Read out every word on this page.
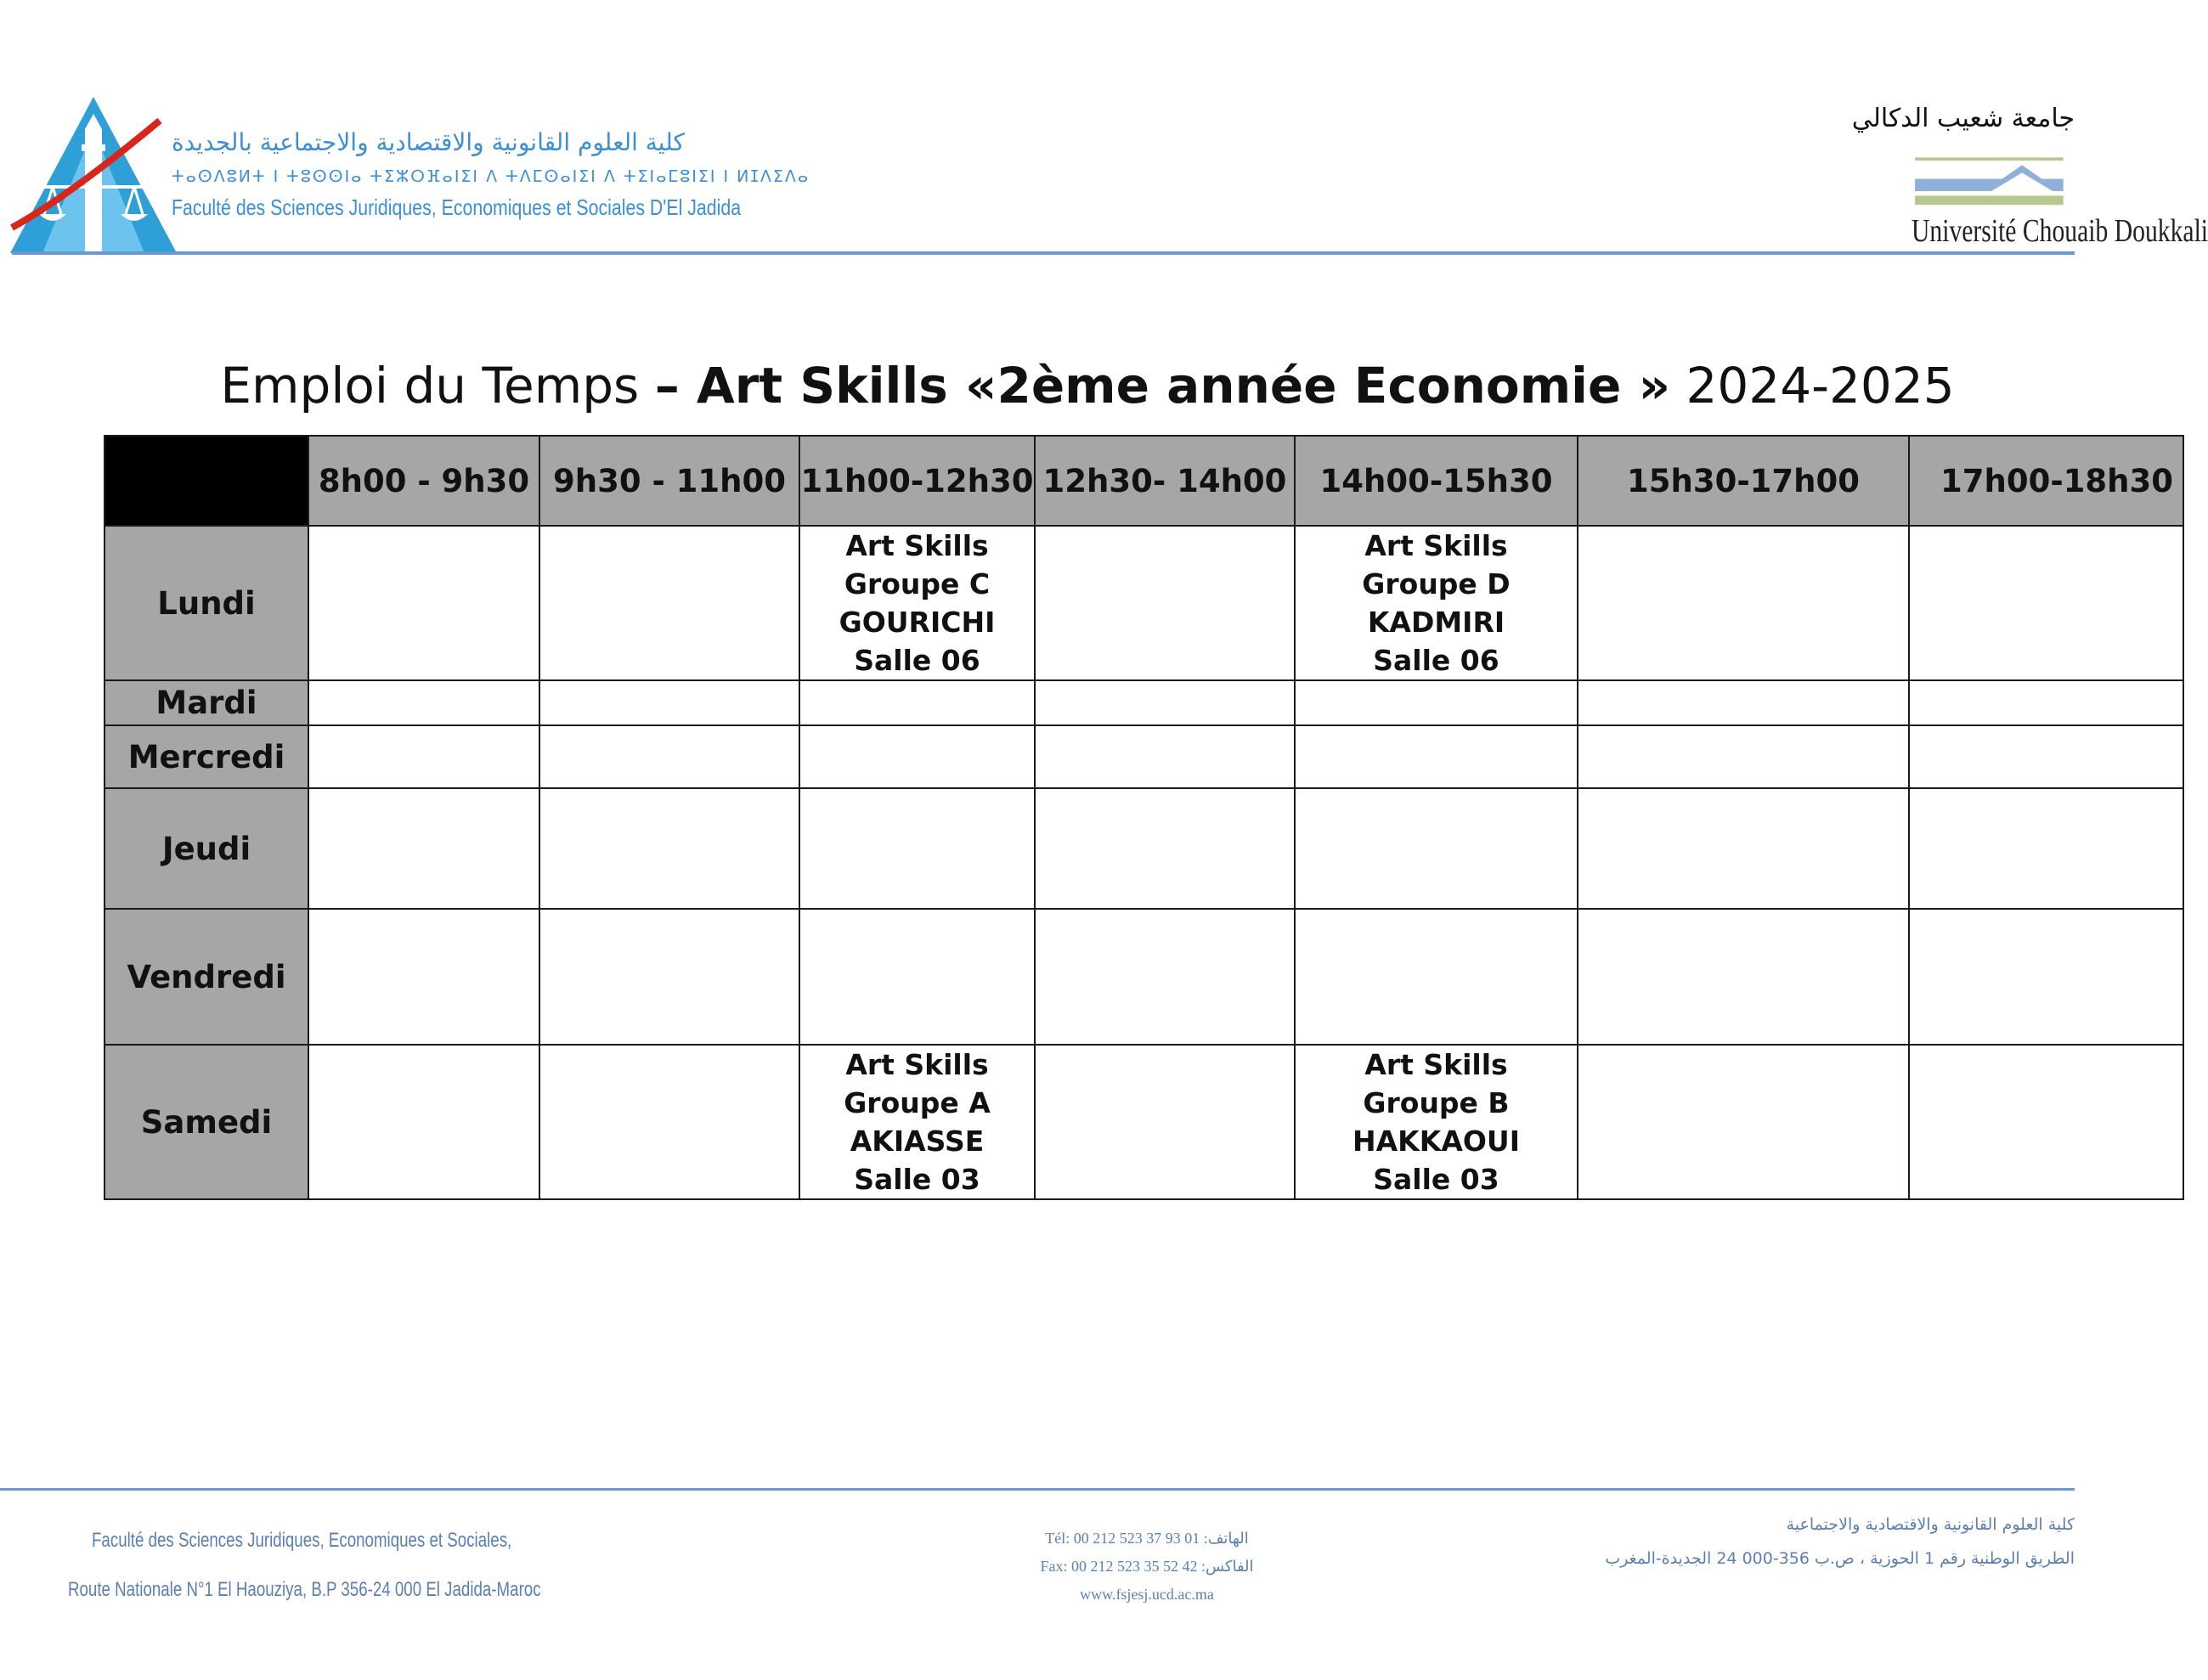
كلية العلوم القانونية والاقتصادية والاجتماعية بالجديدة
ⵜⴰⵙⴷⵓⵍⵜ ⵏ ⵜⵓⵙⵙⵏⴰ ⵜⵉⵣⵔⴼⴰⵏⵉⵏ ⴷ ⵜⴷⵎⵙⴰⵏⵉⵏ ⴷ ⵜⵉⵏⴰⵎⵓⵏⵉⵏ ⵏ ⵍⵊⴷⵉⴷⴰ
Faculté des Sciences Juridiques, Economiques et Sociales D'El Jadida
جامعة شعيب الدكالي
Université Chouaib Doukkali
Emploi du Temps – Art Skills «2ème année Economie » 2024-2025
	8h00 - 9h30	9h30 - 11h00	11h00-12h30	12h30- 14h00	14h00-15h30	15h30-17h00	17h00-18h30
Lundi			Art Skills
Groupe C
GOURICHI
Salle 06		Art Skills
Groupe D
KADMIRI
Salle 06		

Mardi							
Mercredi							
Jeudi							
Vendredi							
Samedi			Art Skills
Groupe A
AKIASSE
Salle 03		Art Skills
Groupe B
HAKKAOUI
Salle 03		

Faculté des Sciences Juridiques, Economiques et Sociales,
Route Nationale N°1 El Haouziya, B.P 356-24 000 El Jadida-Maroc
Tél: 00 212 523 37 93 01 :الهاتف
Fax: 00 212 523 35 52 42 :الفاكس
www.fsjesj.ucd.ac.ma
كلية العلوم القانونية والاقتصادية والاجتماعية
الطريق الوطنية رقم 1 الحوزية ، ص.ب 356-000 24 الجديدة-المغرب
